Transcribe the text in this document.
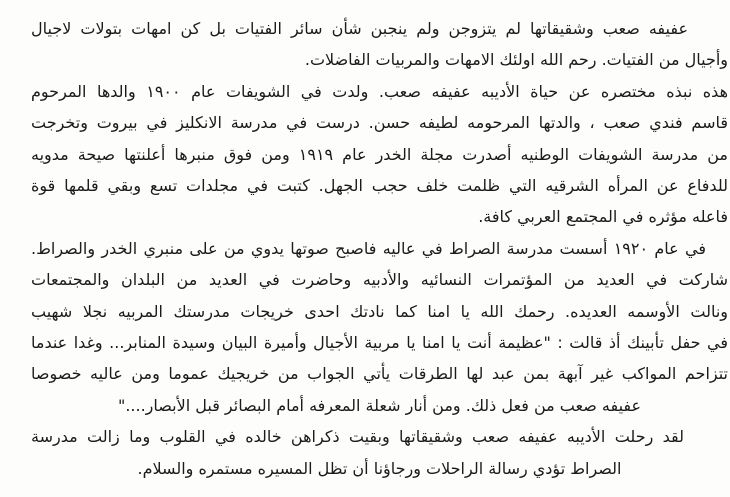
عفيفه صعب وشقيقاتها لم يتزوجن ولم ينجبن شأن سائر الفتيات بل كن امهات بتولات لاجيال
وأجيال من الفتيات. رحم الله اولئك الامهات والمربيات الفاضلات.
هذه نبذه مختصره عن حياة الأديبه عفيفه صعب. ولدت في الشويفات عام ١٩٠٠ والدها المرحوم
قاسم فندي صعب ، والدتها المرحومه لطيفه حسن. درست في مدرسة الانكليز في بيروت وتخرجت
من مدرسة الشويفات الوطنيه أصدرت مجلة الخدر عام ١٩١٩ ومن فوق منبرها أعلنتها صيحة مدويه
للدفاع عن المرأه الشرقيه التي ظلمت خلف حجب الجهل. كتبت في مجلدات تسع وبقي قلمها قوة
فاعله مؤثره في المجتمع العربي كافة.
في عام ١٩٢٠ أسست مدرسة الصراط في عاليه فاصبح صوتها يدوي من على منبري الخدر والصراط.
شاركت في العديد من المؤتمرات النسائيه والأدبيه وحاضرت في العديد من البلدان والمجتمعات
ونالت الأوسمه العديده. رحمك الله يا امنا كما نادتك احدى خريجات مدرستك المربيه نجلا شهيب
في حفل تأبينك أذ قالت : "عظيمة أنت يا امنا يا مربية الأجيال وأميرة البيان وسيدة المنابر... وغدا عندما
تتزاحم المواكب غير آبهة بمن عبد لها الطرقات يأتي الجواب من خريجيك عموما ومن عاليه خصوصا
عفيفه صعب من فعل ذلك. ومن أنار شعلة المعرفه أمام البصائر قبل الأبصار...."
لقد رحلت الأديبه عفيفه صعب وشقيقاتها وبقيت ذكراهن خالده في القلوب وما زالت مدرسة
الصراط تؤدي رسالة الراحلات ورجاؤنا أن تظل المسيره مستمره والسلام.
